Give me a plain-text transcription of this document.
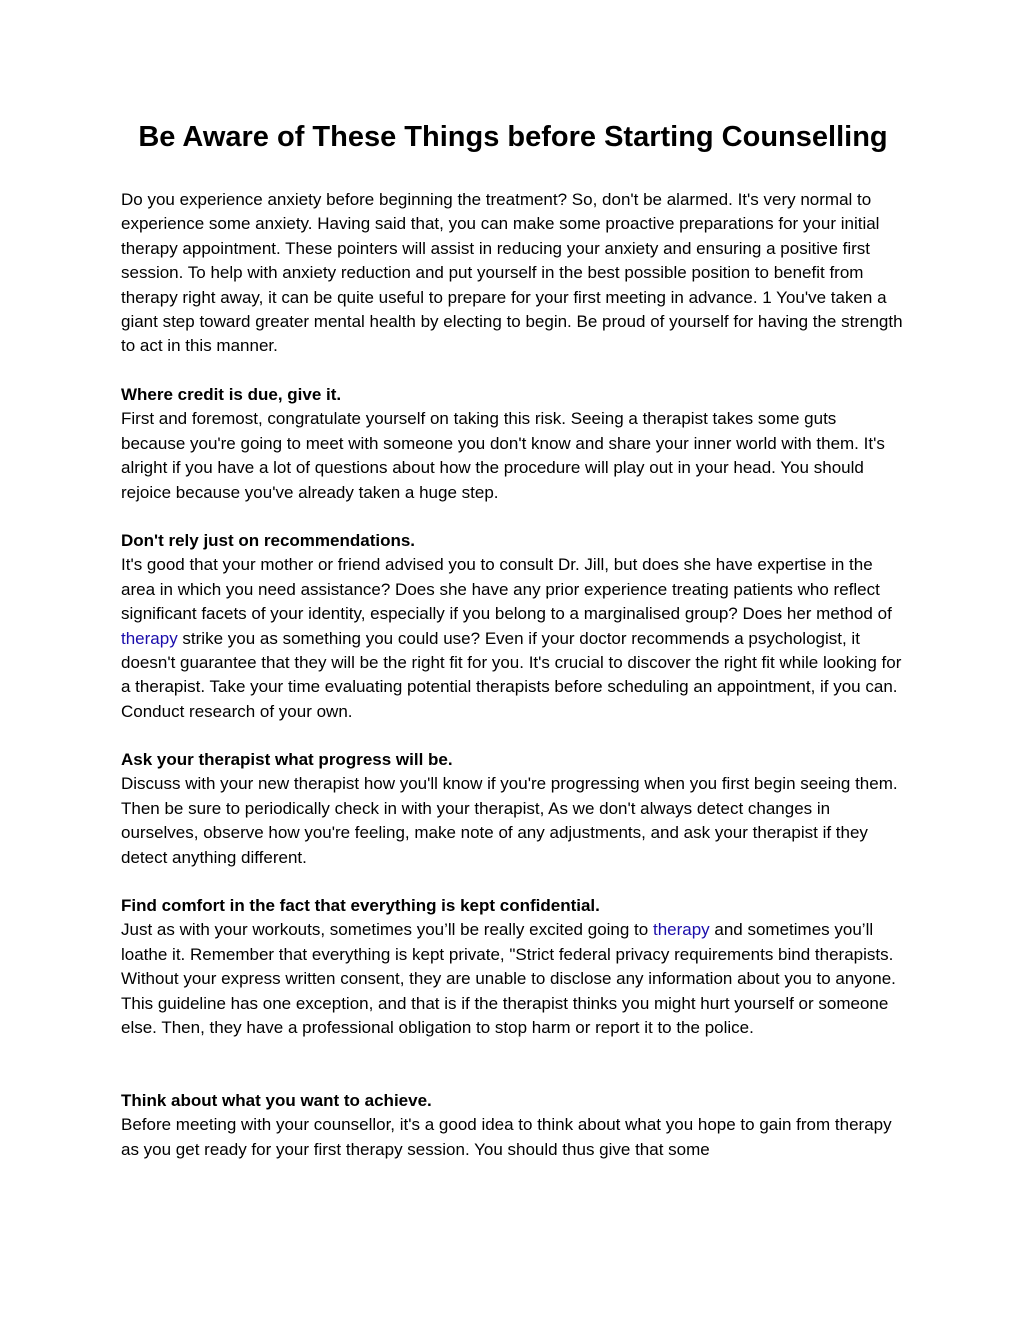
Be Aware of These Things before Starting Counselling

Do you experience anxiety before beginning the treatment? So, don't be alarmed. It's very normal to experience some anxiety. Having said that, you can make some proactive preparations for your initial therapy appointment. These pointers will assist in reducing your anxiety and ensuring a positive first session. To help with anxiety reduction and put yourself in the best possible position to benefit from therapy right away, it can be quite useful to prepare for your first meeting in advance. 1 You've taken a giant step toward greater mental health by electing to begin. Be proud of yourself for having the strength to act in this manner.

Where credit is due, give it.
First and foremost, congratulate yourself on taking this risk. Seeing a therapist takes some guts because you're going to meet with someone you don't know and share your inner world with them. It's alright if you have a lot of questions about how the procedure will play out in your head. You should rejoice because you've already taken a huge step.

Don't rely just on recommendations.
It's good that your mother or friend advised you to consult Dr. Jill, but does she have expertise in the area in which you need assistance? Does she have any prior experience treating patients who reflect significant facets of your identity, especially if you belong to a marginalised group? Does her method of therapy strike you as something you could use? Even if your doctor recommends a psychologist, it doesn't guarantee that they will be the right fit for you. It's crucial to discover the right fit while looking for a therapist. Take your time evaluating potential therapists before scheduling an appointment, if you can. Conduct research of your own.

Ask your therapist what progress will be.
Discuss with your new therapist how you'll know if you're progressing when you first begin seeing them. Then be sure to periodically check in with your therapist, As we don't always detect changes in ourselves, observe how you're feeling, make note of any adjustments, and ask your therapist if they detect anything different.

Find comfort in the fact that everything is kept confidential.
Just as with your workouts, sometimes you’ll be really excited going to therapy and sometimes you’ll loathe it. Remember that everything is kept private, "Strict federal privacy requirements bind therapists. Without your express written consent, they are unable to disclose any information about you to anyone. This guideline has one exception, and that is if the therapist thinks you might hurt yourself or someone else. Then, they have a professional obligation to stop harm or report it to the police.

Think about what you want to achieve.
Before meeting with your counsellor, it's a good idea to think about what you hope to gain from therapy as you get ready for your first therapy session. You should thus give that some
